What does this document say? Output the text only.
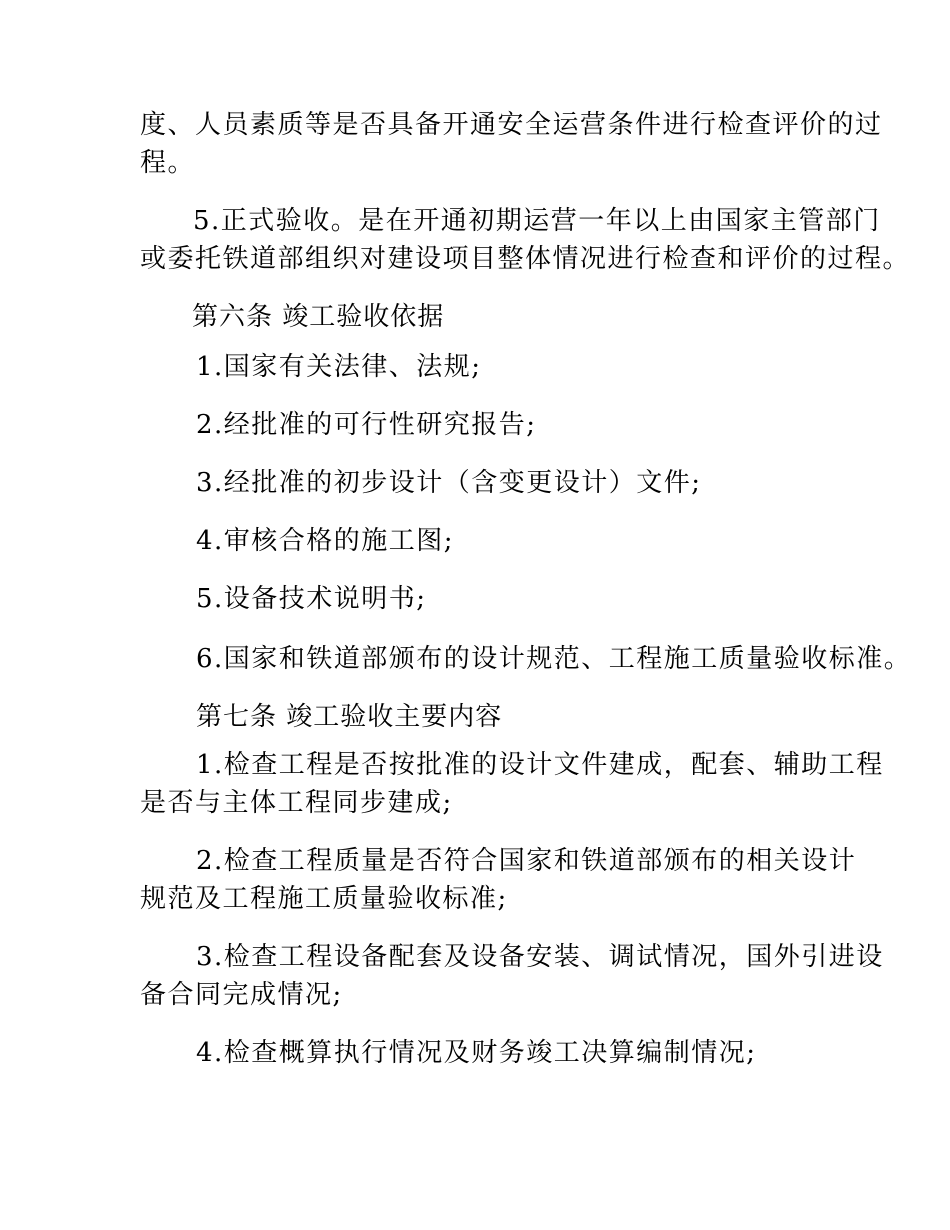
度、人员素质等是否具备开通安全运营条件进行检查评价的过
程。
5.正式验收。是在开通初期运营一年以上由国家主管部门
或委托铁道部组织对建设项目整体情况进行检查和评价的过程。
第六条 竣工验收依据
1.国家有关法律、法规;
2.经批准的可行性研究报告;
3.经批准的初步设计（含变更设计）文件;
4.审核合格的施工图;
5.设备技术说明书;
6.国家和铁道部颁布的设计规范、工程施工质量验收标准。
第七条 竣工验收主要内容
1.检查工程是否按批准的设计文件建成，配套、辅助工程
是否与主体工程同步建成;
2.检查工程质量是否符合国家和铁道部颁布的相关设计
规范及工程施工质量验收标准;
3.检查工程设备配套及设备安装、调试情况，国外引进设
备合同完成情况;
4.检查概算执行情况及财务竣工决算编制情况;
